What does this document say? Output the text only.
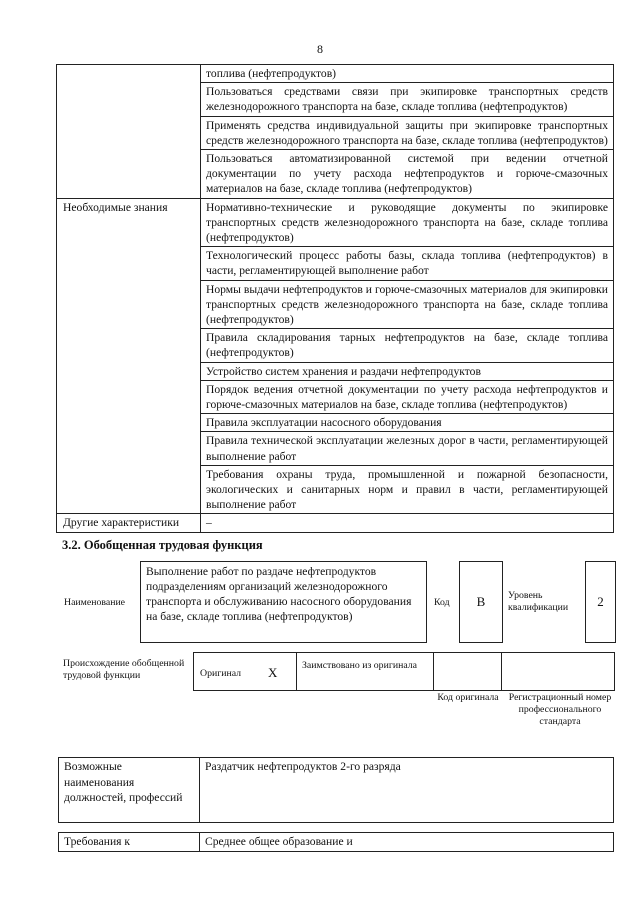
8
	топлива (нефтепродуктов)
	Пользоваться средствами связи при экипировке транспортных средств железнодорожного транспорта на базе, складе топлива (нефтепродуктов)
	Применять средства индивидуальной защиты при экипировке транспортных средств железнодорожного транспорта на базе, складе топлива (нефтепродуктов)
	Пользоваться автоматизированной системой при ведении отчетной документации по учету расхода нефтепродуктов и горюче-смазочных материалов на базе, складе топлива (нефтепродуктов)
Необходимые знания	Нормативно-технические и руководящие документы по экипировке транспортных средств железнодорожного транспорта на базе, складе топлива (нефтепродуктов)
	Технологический процесс работы базы, склада топлива (нефтепродуктов) в части, регламентирующей выполнение работ
	Нормы выдачи нефтепродуктов и горюче-смазочных материалов для экипировки транспортных средств железнодорожного транспорта на базе, складе топлива (нефтепродуктов)
	Правила складирования тарных нефтепродуктов на базе, складе топлива (нефтепродуктов)
	Устройство систем хранения и раздачи нефтепродуктов
	Порядок ведения отчетной документации по учету расхода нефтепродуктов и горюче-смазочных материалов на базе, складе топлива (нефтепродуктов)
	Правила эксплуатации насосного оборудования
	Правила технической эксплуатации железных дорог в части, регламентирующей выполнение работ
	Требования охраны труда, промышленной и пожарной безопасности, экологических и санитарных норм и правил в части, регламентирующей выполнение работ
Другие характеристики	–
3.2. Обобщенная трудовая функция
Наименование
Выполнение работ по раздаче нефтепродуктов подразделениям организаций железнодорожного транспорта и обслуживанию насосного оборудования на базе, складе топлива (нефтепродуктов)
Код	B	Уровень квалификации	2
Происхождение обобщенной трудовой функции	Оригинал X	Заимствовано из оригинала
Код оригинала Регистрационный номер профессионального стандарта
Возможные наименования должностей, профессий	Раздатчик нефтепродуктов 2-го разряда
Требования к	Среднее общее образование и
